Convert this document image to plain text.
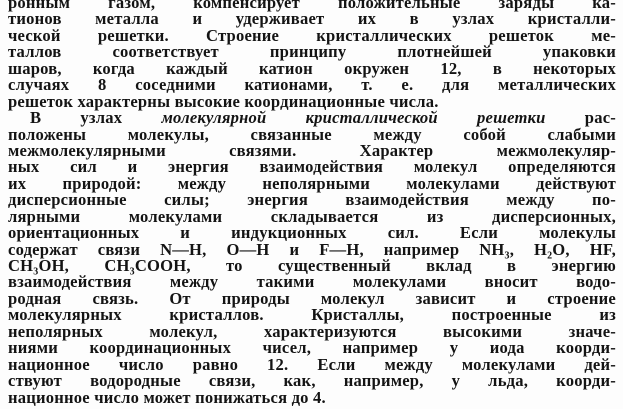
ронным газом, компенсирует положительные заряды ка-
тионов металла и удерживает их в узлах кристалли-
ческой решетки. Строение кристаллических решеток ме-
таллов соответствует принципу плотнейшей упаковки
шаров, когда каждый катион окружен 12, в некоторых
случаях 8 соседними катионами, т. е. для металлических
решеток характерны высокие координационные числа.
В узлах молекулярной кристаллической решетки рас-
положены молекулы, связанные между собой слабыми
межмолекулярными связями. Характер межмолекуляр-
ных сил и энергия взаимодействия молекул определяются
их природой: между неполярными молекулами действуют
дисперсионные силы; энергия взаимодействия между по-
лярными молекулами складывается из дисперсионных,
ориентационных и индукционных сил. Если молекулы
содержат связи N—H, O—H и F—H, например NH₃, H₂O, HF,
CH₃OH, CH₃COOH, то существенный вклад в энергию
взаимодействия между такими молекулами вносит водо-
родная связь. От природы молекул зависит и строение
молекулярных кристаллов. Кристаллы, построенные из
неполярных молекул, характеризуются высокими значе-
ниями координационных чисел, например у иода коорди-
национное число равно 12. Если между молекулами дей-
ствуют водородные связи, как, например, у льда, коорди-
национное число может понижаться до 4.
